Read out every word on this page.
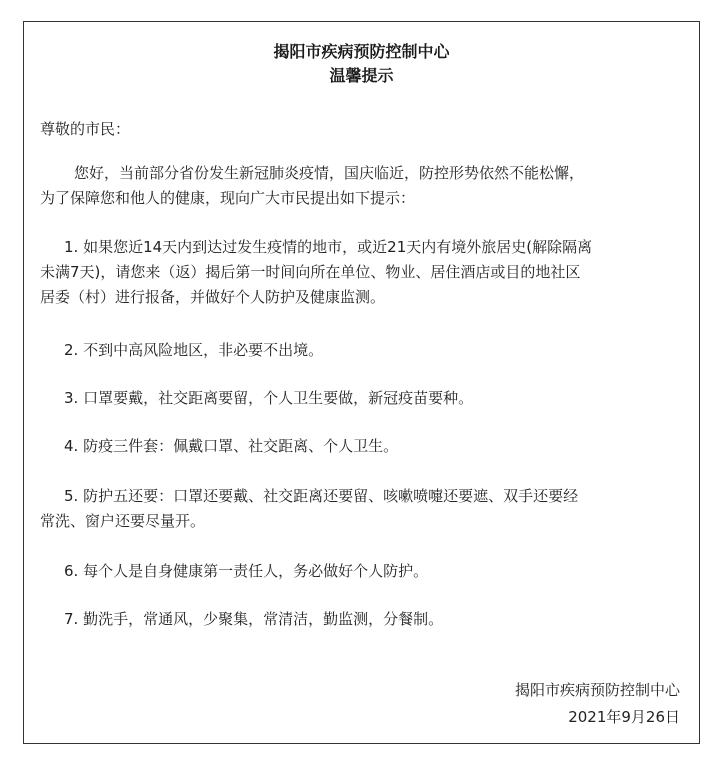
揭阳市疾病预防控制中心
温馨提示
尊敬的市民：
您好，当前部分省份发生新冠肺炎疫情，国庆临近，防控形势依然不能松懈，
为了保障您和他人的健康，现向广大市民提出如下提示：
1. 如果您近14天内到达过发生疫情的地市，或近21天内有境外旅居史(解除隔离
未满7天)，请您来（返）揭后第一时间向所在单位、物业、居住酒店或目的地社区
居委（村）进行报备，并做好个人防护及健康监测。
2. 不到中高风险地区，非必要不出境。
3. 口罩要戴，社交距离要留，个人卫生要做，新冠疫苗要种。
4. 防疫三件套：佩戴口罩、社交距离、个人卫生。
5. 防护五还要：口罩还要戴、社交距离还要留、咳嗽喷嚏还要遮、双手还要经
常洗、窗户还要尽量开。
6. 每个人是自身健康第一责任人，务必做好个人防护。
7. 勤洗手，常通风，少聚集，常清洁，勤监测，分餐制。
揭阳市疾病预防控制中心
2021年9月26日
